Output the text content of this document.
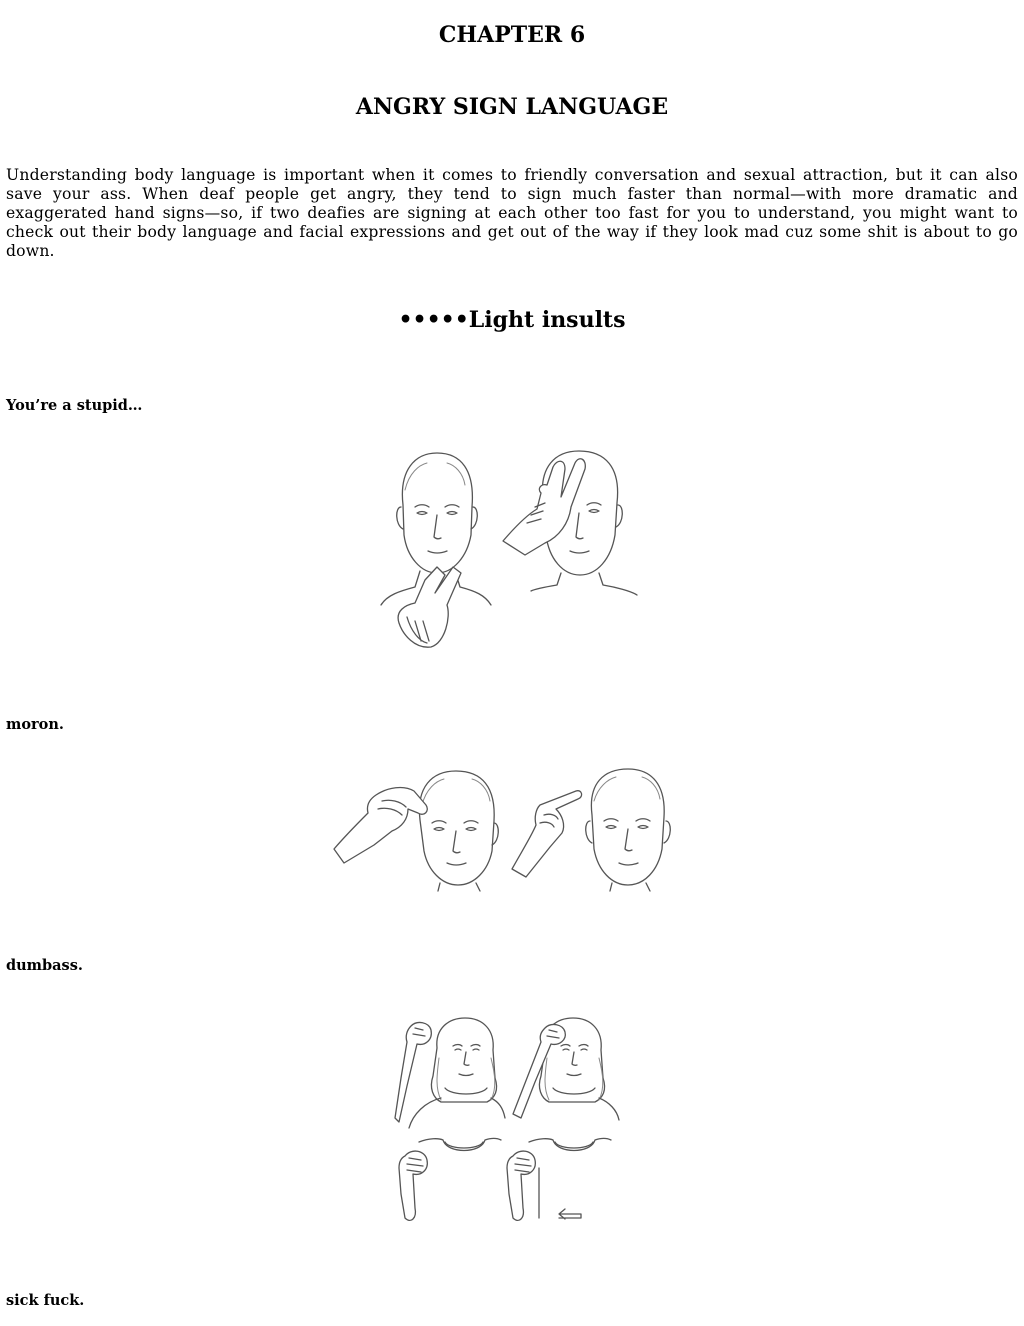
CHAPTER 6
ANGRY SIGN LANGUAGE
Understanding body language is important when it comes to friendly conversation and sexual attraction, but it can also save your ass. When deaf people get angry, they tend to sign much faster than normal—with more dramatic and exaggerated hand signs—so, if two deafies are signing at each other too fast for you to understand, you might want to check out their body language and facial expressions and get out of the way if they look mad cuz some shit is about to go down.
•••••Light insults
You’re a stupid…
moron.
dumbass.
sick fuck.
